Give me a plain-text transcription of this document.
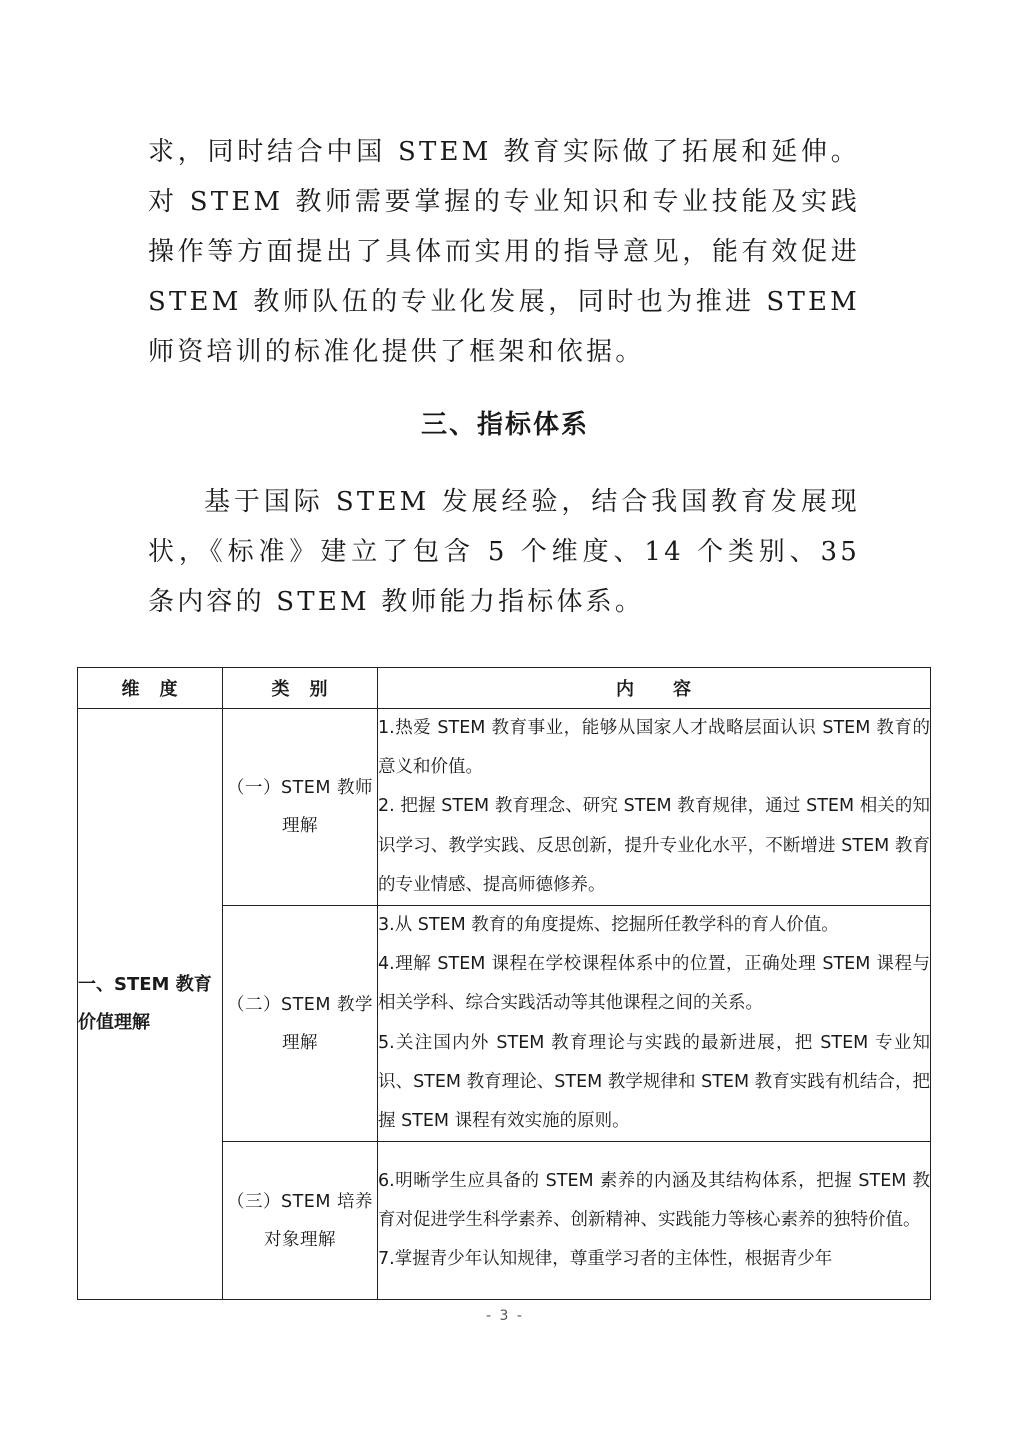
求，同时结合中国 STEM 教育实际做了拓展和延伸。对 STEM 教师需要掌握的专业知识和专业技能及实践操作等方面提出了具体而实用的指导意见，能有效促进 STEM 教师队伍的专业化发展，同时也为推进 STEM 师资培训的标准化提供了框架和依据。
三、指标体系
基于国际 STEM 发展经验，结合我国教育发展现状，《标准》建立了包含 5 个维度、14 个类别、35 条内容的 STEM 教师能力指标体系。
维　度	类　别	内　　容
一、STEM 教育价值理解	（一）STEM 教师理解	1.热爱 STEM 教育事业，能够从国家人才战略层面认识 STEM 教育的意义和价值。
2. 把握 STEM 教育理念、研究 STEM 教育规律，通过 STEM 相关的知识学习、教学实践、反思创新，提升专业化水平，不断增进 STEM 教育的专业情感、提高师德修养。

	（二）STEM 教学理解	3.从 STEM 教育的角度提炼、挖掘所任教学科的育人价值。
4.理解 STEM 课程在学校课程体系中的位置，正确处理 STEM 课程与相关学科、综合实践活动等其他课程之间的关系。
5.关注国内外 STEM 教育理论与实践的最新进展，把 STEM 专业知识、STEM 教育理论、STEM 教学规律和 STEM 教育实践有机结合，把握 STEM 课程有效实施的原则。

	（三）STEM 培养对象理解	6.明晰学生应具备的 STEM 素养的内涵及其结构体系，把握 STEM 教育对促进学生科学素养、创新精神、实践能力等核心素养的独特价值。
7.掌握青少年认知规律，尊重学习者的主体性，根据青少年
- 3 -
